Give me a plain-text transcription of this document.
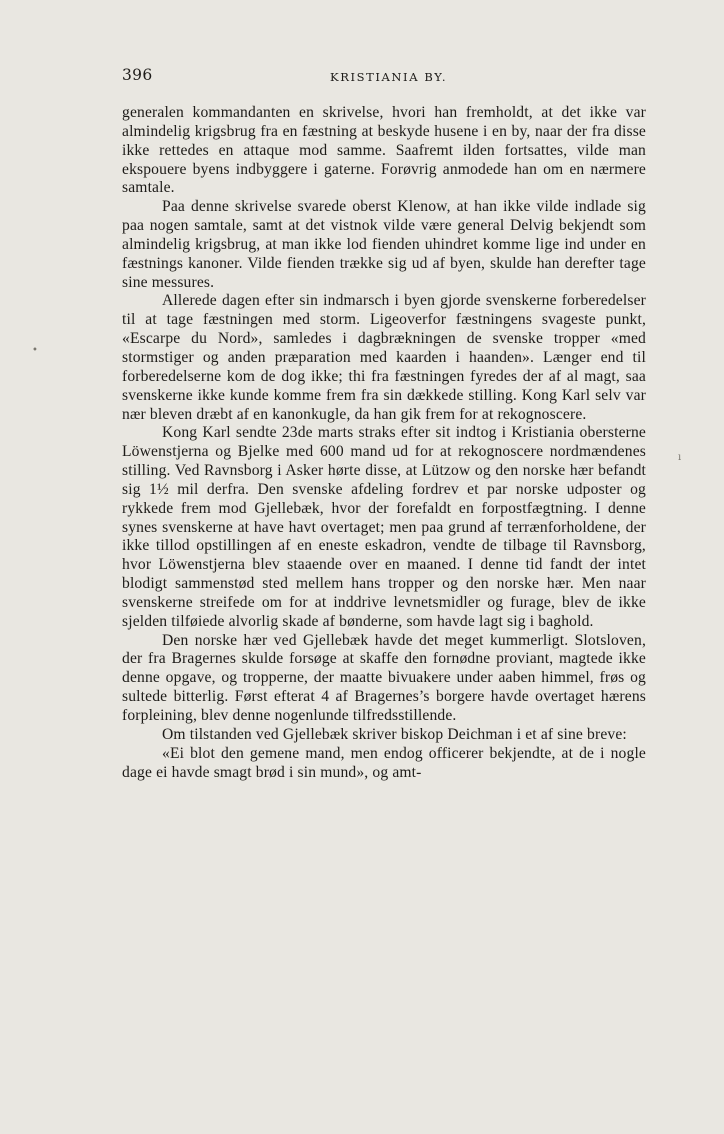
396	KRISTIANIA BY.

generalen kommandanten en skrivelse, hvori han fremholdt, at det ikke var almindelig krigsbrug fra en fæstning at beskyde husene i en by, naar der fra disse ikke rettedes en attaque mod samme. Saafremt ilden fortsattes, vilde man ekspouere byens indbyggere i gaterne. Forøvrig anmodede han om en nærmere samtale.

Paa denne skrivelse svarede oberst Klenow, at han ikke vilde indlade sig paa nogen samtale, samt at det vistnok vilde være general Delvig bekjendt som almindelig krigsbrug, at man ikke lod fienden uhindret komme lige ind under en fæstnings kanoner. Vilde fienden trække sig ud af byen, skulde han derefter tage sine messures.

Allerede dagen efter sin indmarsch i byen gjorde svenskerne forberedelser til at tage fæstningen med storm. Ligeoverfor fæstningens svageste punkt, «Escarpe du Nord», samledes i dagbrækningen de svenske tropper «med stormstiger og anden præparation med kaarden i haanden». Længer end til forberedelserne kom de dog ikke; thi fra fæstningen fyredes der af al magt, saa svenskerne ikke kunde komme frem fra sin dækkede stilling. Kong Karl selv var nær bleven dræbt af en kanonkugle, da han gik frem for at rekognoscere.

Kong Karl sendte 23de marts straks efter sit indtog i Kristiania obersterne Löwenstjerna og Bjelke med 600 mand ud for at rekognoscere nordmændenes stilling. Ved Ravnsborg i Asker hørte disse, at Lützow og den norske hær befandt sig 1½ mil derfra. Den svenske afdeling fordrev et par norske udposter og rykkede frem mod Gjellebæk, hvor der forefaldt en forpostfægtning. I denne synes svenskerne at have havt overtaget; men paa grund af terrænforholdene, der ikke tillod opstillingen af en eneste eskadron, vendte de tilbage til Ravnsborg, hvor Löwenstjerna blev staaende over en maaned. I denne tid fandt der intet blodigt sammenstød sted mellem hans tropper og den norske hær. Men naar svenskerne streifede om for at inddrive levnetsmidler og furage, blev de ikke sjelden tilføiede alvorlig skade af bønderne, som havde lagt sig i baghold.

Den norske hær ved Gjellebæk havde det meget kummerligt. Slotsloven, der fra Bragernes skulde forsøge at skaffe den fornødne proviant, magtede ikke denne opgave, og tropperne, der maatte bivuakere under aaben himmel, frøs og sultede bitterlig. Først efterat 4 af Bragernes’s borgere havde overtaget hærens forpleining, blev denne nogenlunde tilfredsstillende.

Om tilstanden ved Gjellebæk skriver biskop Deichman i et af sine breve:

«Ei blot den gemene mand, men endog officerer bekjendte, at de i nogle dage ei havde smagt brød i sin mund», og amt-

•
ı
